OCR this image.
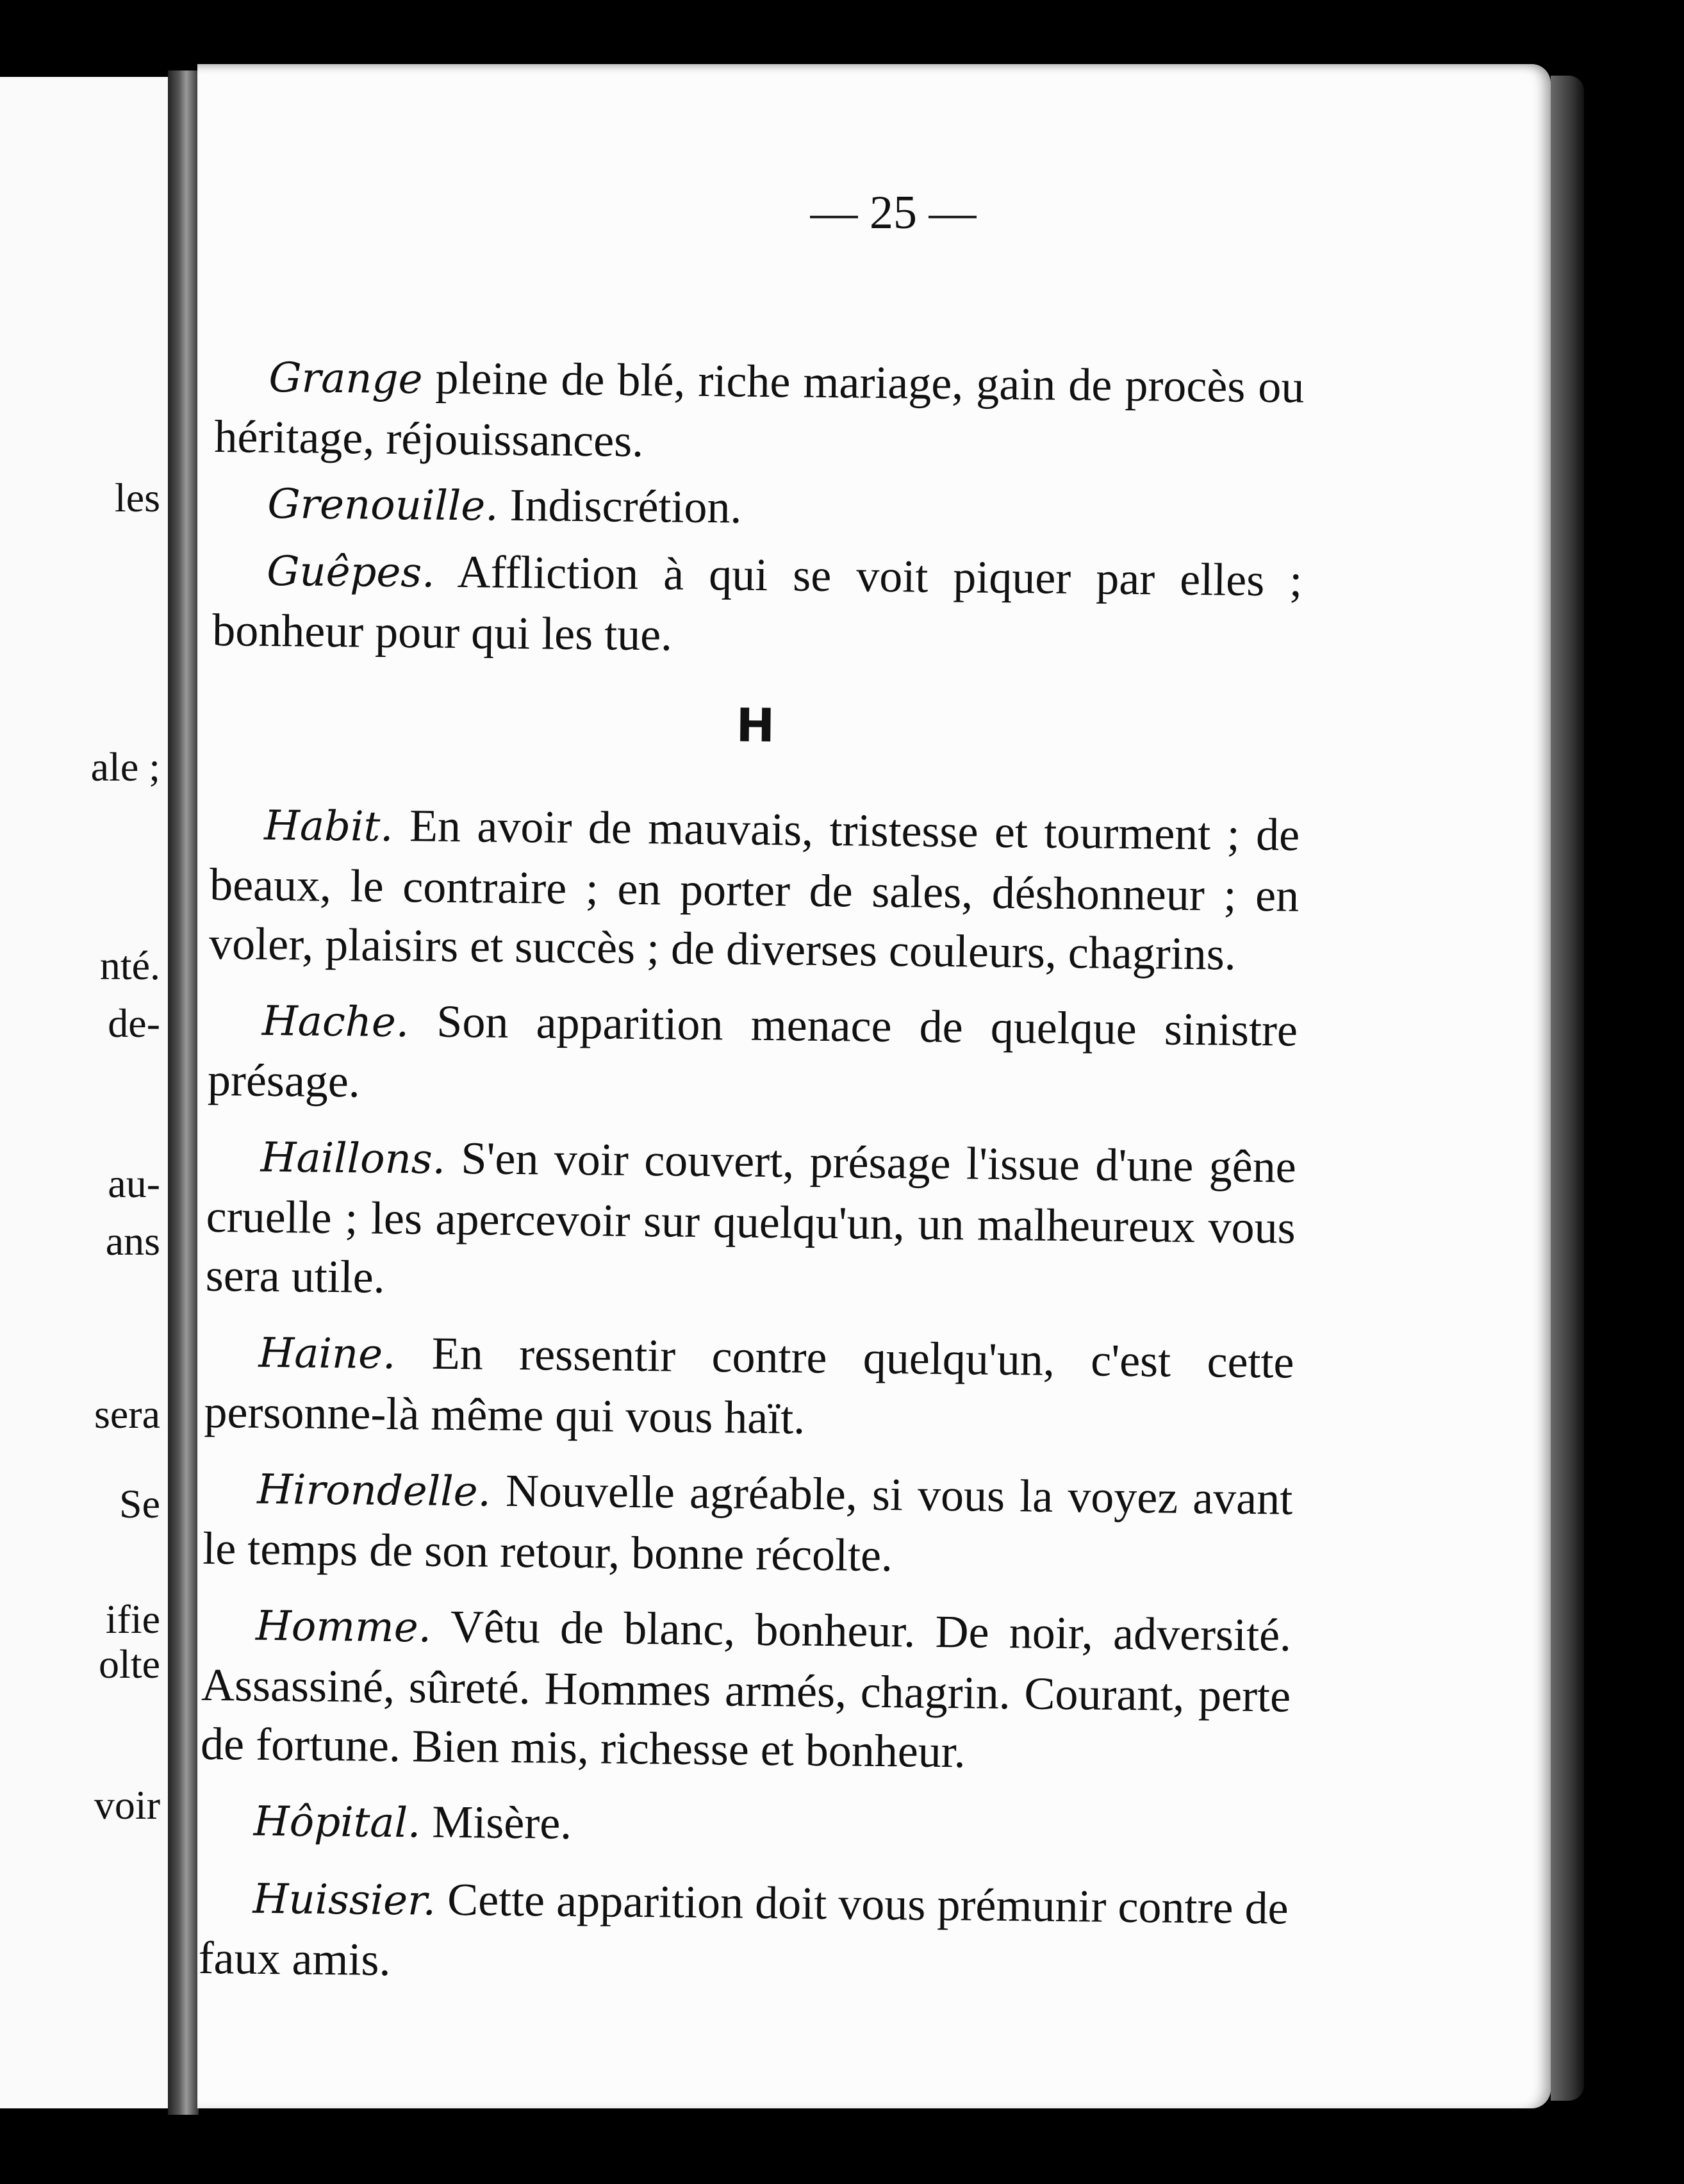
les
ale ;
nté.
de-
au-
ans
sera
Se
ifie
olte
voir
— 25 —

Grange pleine de blé, riche mariage, gain de procès ou héritage, réjouissances.

Grenouille. Indiscrétion.

Guêpes. Affliction à qui se voit piquer par elles ; bonheur pour qui les tue.

H

Habit. En avoir de mauvais, tristesse et tourment ; de beaux, le contraire ; en porter de sales, déshonneur ; en voler, plaisirs et succès ; de diverses couleurs, chagrins.

Hache. Son apparition menace de quelque sinistre présage.

Haillons. S'en voir couvert, présage l'issue d'une gêne cruelle ; les apercevoir sur quelqu'un, un malheureux vous sera utile.

Haine. En ressentir contre quelqu'un, c'est cette personne-là même qui vous haït.

Hirondelle. Nouvelle agréable, si vous la voyez avant le temps de son retour, bonne récolte.

Homme. Vêtu de blanc, bonheur. De noir, adversité. Assassiné, sûreté. Hommes armés, chagrin. Courant, perte de fortune. Bien mis, richesse et bonheur.

Hôpital. Misère.

Huissier. Cette apparition doit vous prémunir contre de faux amis.
